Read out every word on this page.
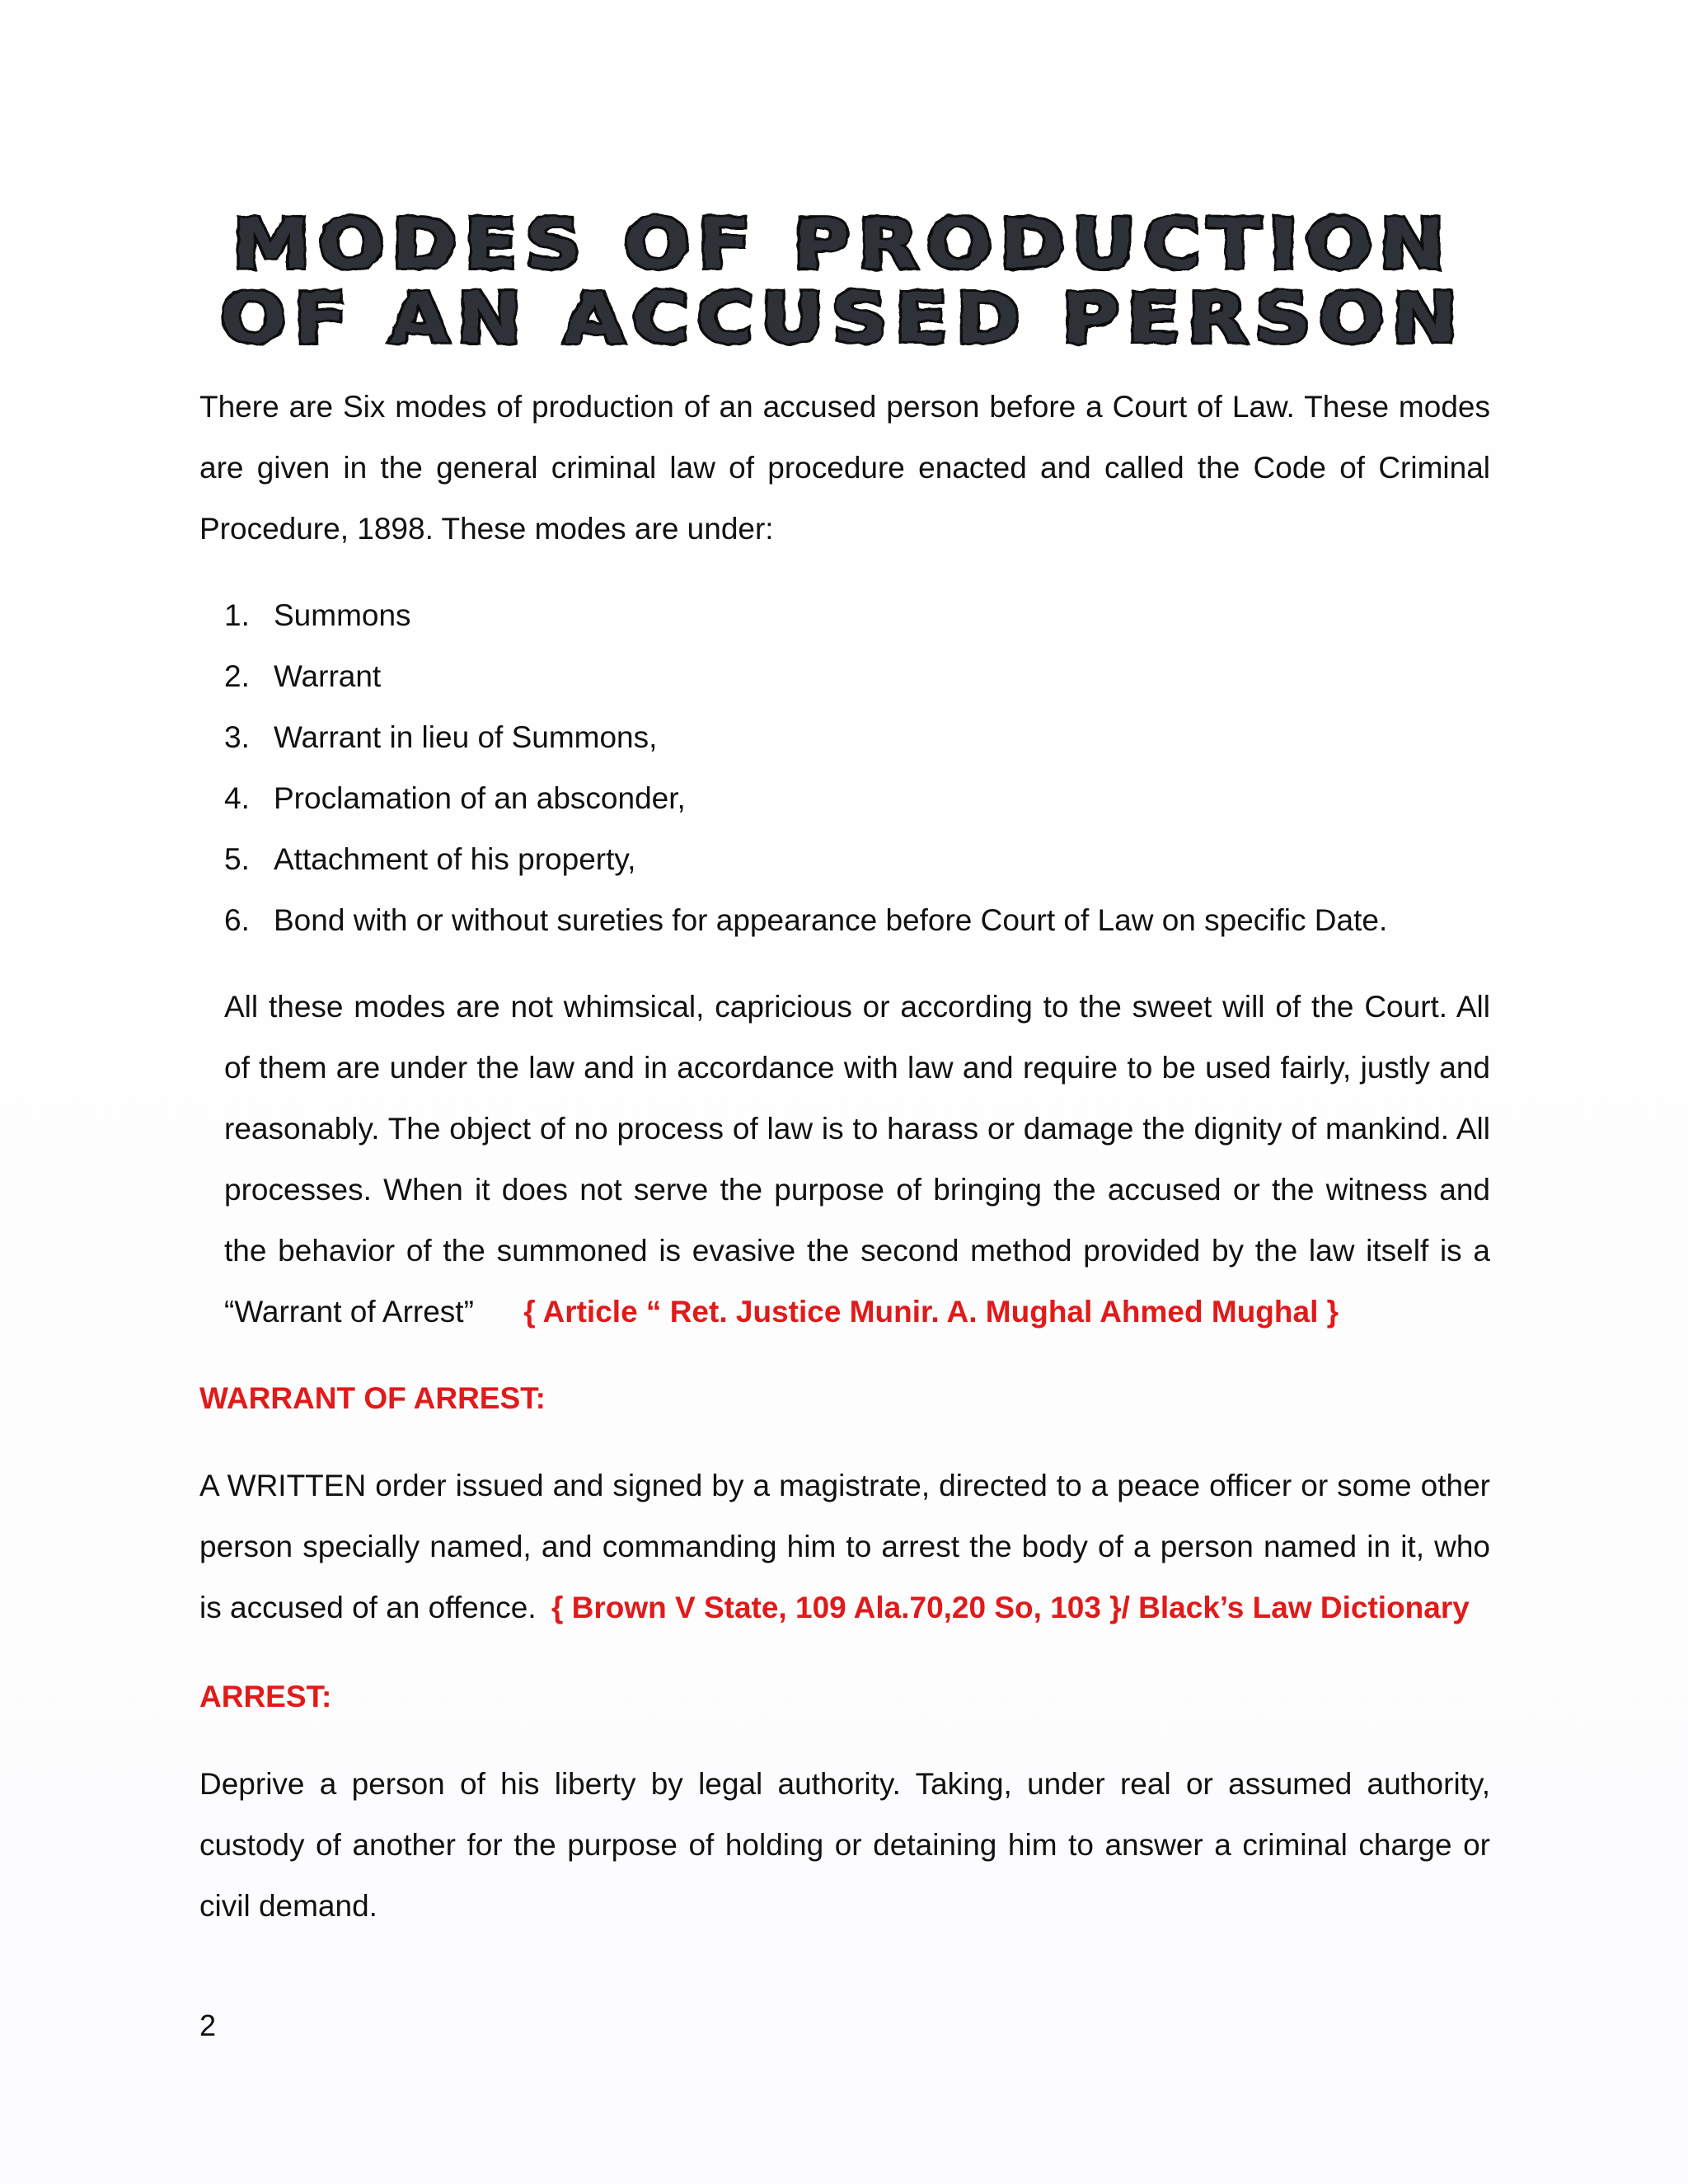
MODES OF PRODUCTION
OF AN ACCUSED PERSON
There are Six modes of production of an accused person before a Court of Law. These modes are given in the general criminal law of procedure enacted and called the Code of Criminal Procedure, 1898. These modes are under:
1. Summons
2. Warrant
3. Warrant in lieu of Summons,
4. Proclamation of an absconder,
5. Attachment of his property,
6. Bond with or without sureties for appearance before Court of Law on specific Date.
All these modes are not whimsical, capricious or according to the sweet will of the Court. All of them are under the law and in accordance with law and require to be used fairly, justly and reasonably. The object of no process of law is to harass or damage the dignity of mankind. All processes. When it does not serve the purpose of bringing the accused or the witness and the behavior of the summoned is evasive the second method provided by the law itself is a “Warrant of Arrest” { Article “ Ret. Justice Munir. A. Mughal Ahmed Mughal }
WARRANT OF ARREST:
A WRITTEN order issued and signed by a magistrate, directed to a peace officer or some other person specially named, and commanding him to arrest the body of a person named in it, who is accused of an offence. { Brown V State, 109 Ala.70,20 So, 103 }/ Black’s Law Dictionary
ARREST:
Deprive a person of his liberty by legal authority. Taking, under real or assumed authority, custody of another for the purpose of holding or detaining him to answer a criminal charge or civil demand.
2
